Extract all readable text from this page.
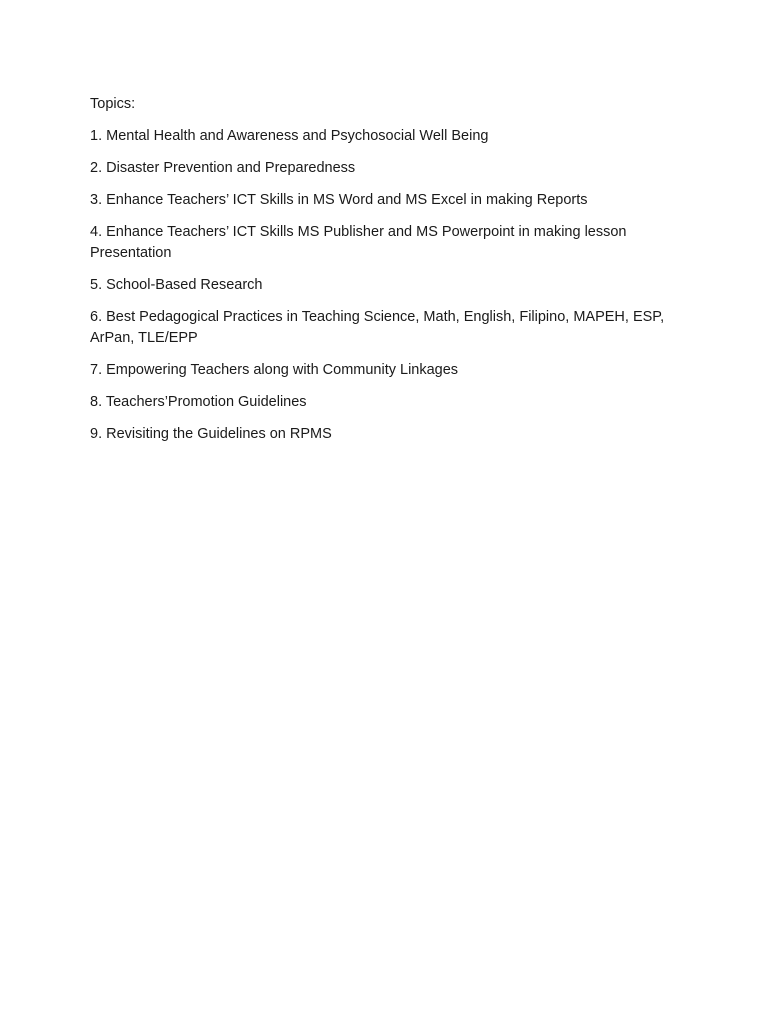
Topics:

1. Mental Health and Awareness and Psychosocial Well Being
2. Disaster Prevention and Preparedness
3. Enhance Teachers’ ICT Skills in MS Word and MS Excel in making Reports
4. Enhance Teachers’ ICT Skills MS Publisher and MS Powerpoint in making lesson Presentation
5. School-Based Research
6. Best Pedagogical Practices in Teaching Science, Math, English, Filipino, MAPEH, ESP, ArPan, TLE/EPP
7. Empowering Teachers along with Community Linkages
8. Teachers’Promotion Guidelines
9. Revisiting the Guidelines on RPMS
